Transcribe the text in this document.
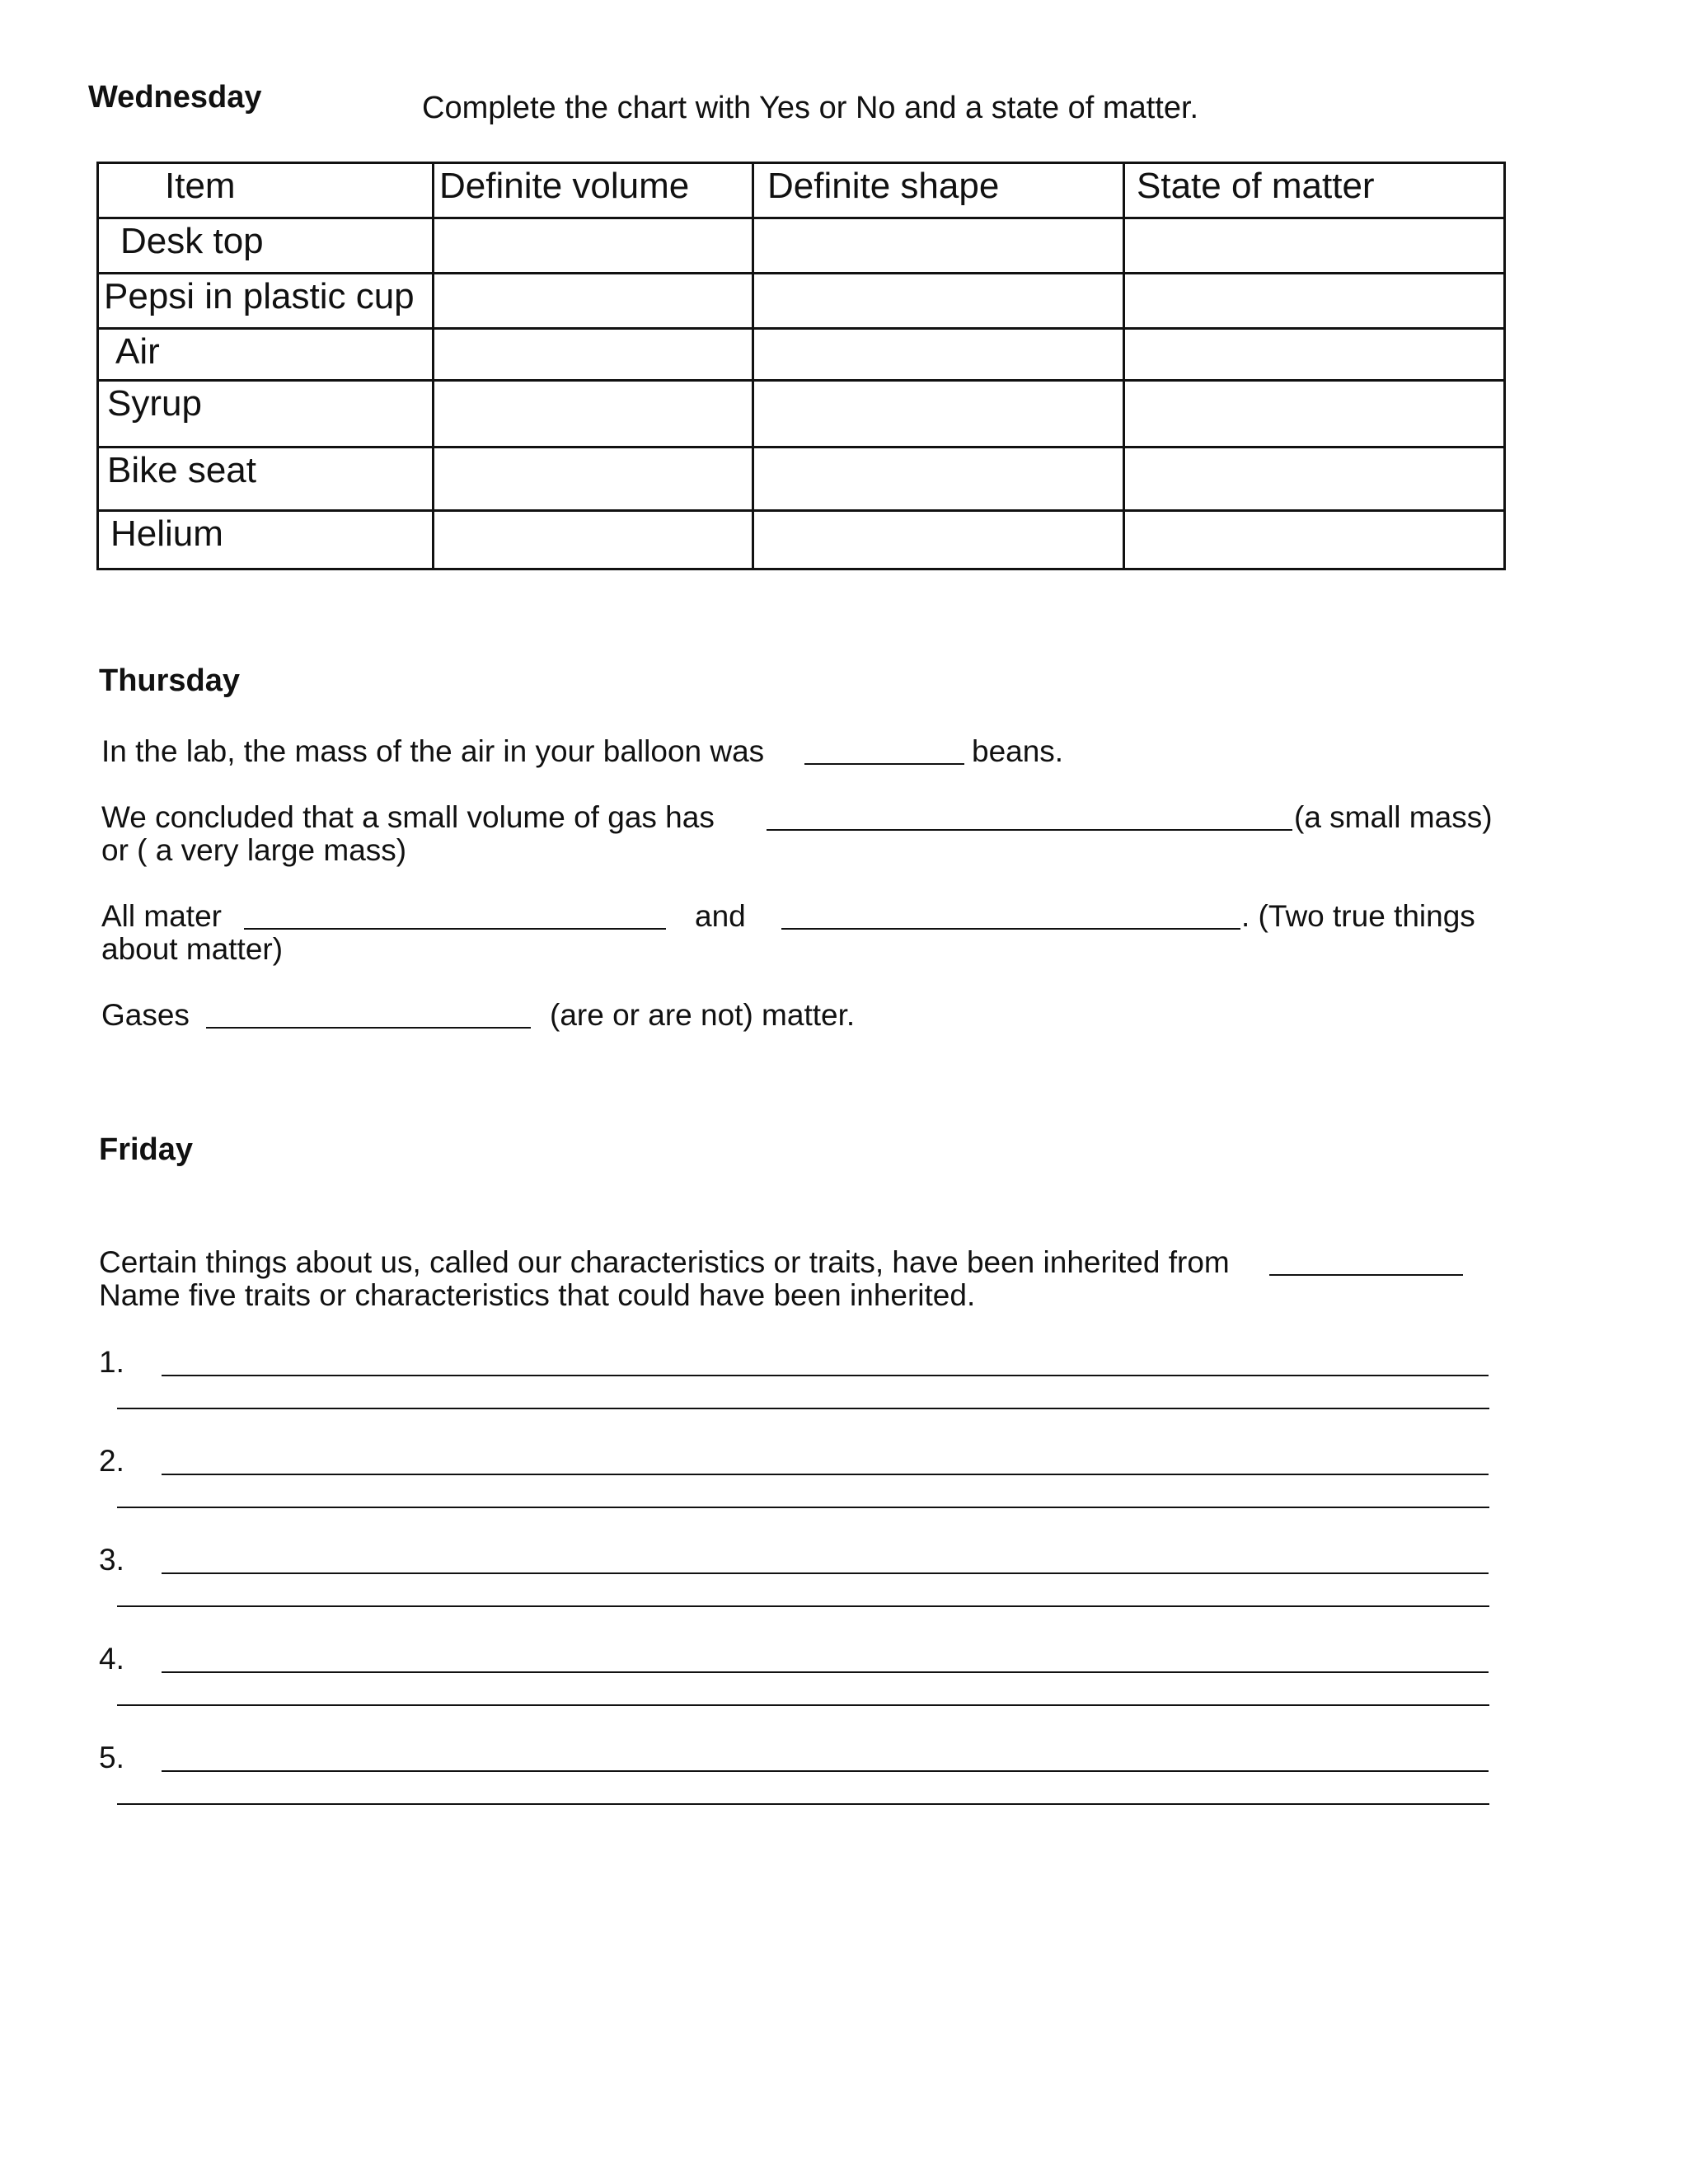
Wednesday	Complete the chart with Yes or No and a state of matter.
Item	Definite volume	Definite shape	State of matter
Desk top			
Pepsi in plastic cup			
Air			
Syrup			
Bike seat			
Helium			
Thursday
In the lab, the mass of the air in your balloon was	beans.
We concluded that a small volume of gas has	(a small mass)
or ( a very large mass)
All mater	and	. (Two true things
about matter)
Gases	(are or are not) matter.
Friday
Certain things about us, called our characteristics or traits, have been inherited from
Name five traits or characteristics that could have been inherited.
1.
2.
3.
4.
5.
